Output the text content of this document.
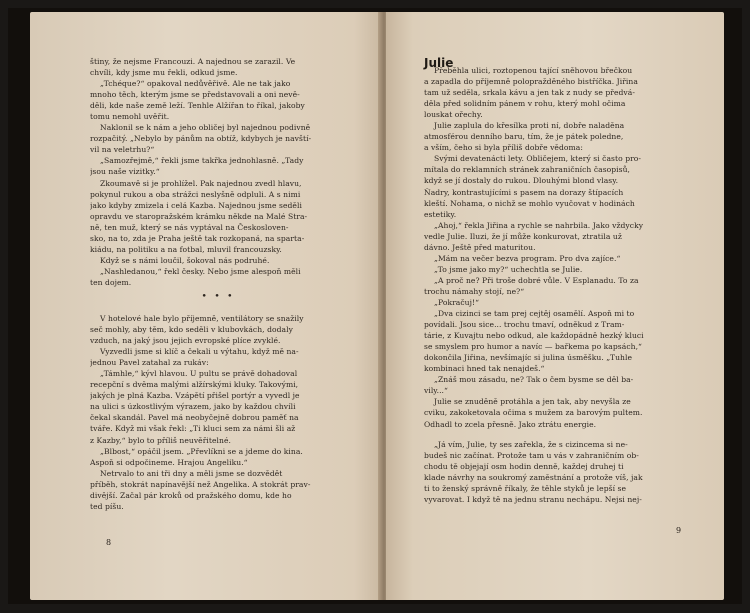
štiny, že nejsme Francouzi. A najednou se zarazil. Ve
chvíli, kdy jsme mu řekli, odkud jsme.
„Tchéque?“ opakoval nedůvěřivě. Ale ne tak jako
mnoho těch, kterým jsme se představovali a oni nevě-
děli, kde naše země leží. Tenhle Alžířan to říkal, jakoby
tomu nemohl uvěřit.
Naklonil se k nám a jeho obličej byl najednou podivně
rozpačitý. „Nebylo by pánům na obtíž, kdybych je navští-
vil na veletrhu?“
„Samozřejmě,“ řekli jsme takřka jednohlasně. „Tady
jsou naše vizitky.“
Zkoumavě si je prohlížel. Pak najednou zvedl hlavu,
pokynul rukou a oba strážci neslyšně odpluli. A s nimi
jako kdyby zmizela i celá Kazba. Najednou jsme seděli
opravdu ve staropražském krámku někde na Malé Stra-
ně, ten muž, který se nás vyptával na Českosloven-
sko, na to, zda je Praha ještě tak rozkopaná, na sparta-
kiádu, na politiku a na fotbal, mluvil francouzsky.
Když se s námi loučil, šokoval nás podruhé.
„Nashledanou,“ řekl česky. Nebo jsme alespoň měli
ten dojem.
•••
V hotelové hale bylo příjemně, ventilátory se snažily
seč mohly, aby těm, kdo seděli v klubovkách, dodaly
vzduch, na jaký jsou jejich evropské plíce zvyklé.
Vyzvedli jsme si klíč a čekali u výtahu, když mě na-
jednou Pavel zatahal za rukáv:
„Támhle,“ kývl hlavou. U pultu se právě dohadoval
recepční s dvěma malými alžírskými kluky. Takovými,
jakých je plná Kazba. Vzápětí přišel portýr a vyvedl je
na ulici s úzkostlivým výrazem, jako by každou chvíli
čekal skandál. Pavel má neobyčejně dobrou paměť na
tváře. Když mi však řekl: „Ti kluci sem za námi šli až
z Kazby,“ bylo to příliš neuvěřitelné.
„Blbost,“ opáčil jsem. „Převlíkni se a jdeme do kina.
Aspoň si odpočineme. Hrajou Angeliku.“
Netrvalo to ani tři dny a měli jsme se dozvědět
příběh, stokrát napínavější než Angelika. A stokrát prav-
divější. Začal pár kroků od pražského domu, kde ho
ted píšu.
8
Julie
Přeběhla ulici, roztopenou tající sněhovou břečkou
a zapadla do příjemně polopražděného bistříčka. Jiřina
tam už seděla, srkala kávu a jen tak z nudy se předvá-
děla před solidním pánem v rohu, který mohl očima
louskat ořechy.
Julie zaplula do křesílka proti ní, dobře naladěna
atmosférou denního baru, tím, že je pátek poledne,
a vším, čeho si byla příliš dobře vědoma:
Svými devatenácti lety. Obličejem, který si často pro-
mítala do reklamních stránek zahraničních časopisů,
když se jí dostaly do rukou. Dlouhými blond vlasy.
Ňadry, kontrastujícími s pasem na dorazy štípacích
kleští. Nohama, o nichž se mohlo vyučovat v hodinách
estetiky.
„Ahoj,“ řekla Jiřina a rychle se nahrbila. Jako vždycky
vedle Julie. Iluzi, že jí může konkurovat, ztratila už
dávno. Ještě před maturitou.
„Mám na večer bezva program. Pro dva zajíce.“
„To jsme jako my?“ uchechtla se Julie.
„A proč ne? Při troše dobré vůle. V Esplanadu. To za
trochu námahy stojí, ne?“
„Pokračuj!“
„Dva cizinci se tam prej cejtěj osamělí. Aspoň mi to
povídali. Jsou sice... trochu tmaví, odněkud z Tram-
tárie, z Kuvajtu nebo odkud, ale každopádně hezký kluci
se smyslem pro humor a navíc — bařkema po kapsách,“
dokončila Jiřina, nevšímajíc si julina úsměšku. „Tuhle
kombinaci hned tak nenajdeš.“
„Znáš mou zásadu, ne? Tak o čem bysme se děl ba-
vily...“
Julie se znuděně protáhla a jen tak, aby nevyšla ze
cviku, zakoketovala očima s mužem za barovým pultem.
Odhadl to zcela přesně. Jako ztrátu energie.
„Já vím, Julie, ty ses zařekla, že s cizincema si ne-
budeš nic začínat. Protože tam u vás v zahraničním ob-
chodu tě objejají osm hodin denně, každej druhej ti
klade návrhy na soukromý zaměstnání a protože víš, jak
ti to ženský správně říkaly, že těhle styků je lepší se
vyvarovat. I když tě na jednu stranu nechápu. Nejsi nej-
9
